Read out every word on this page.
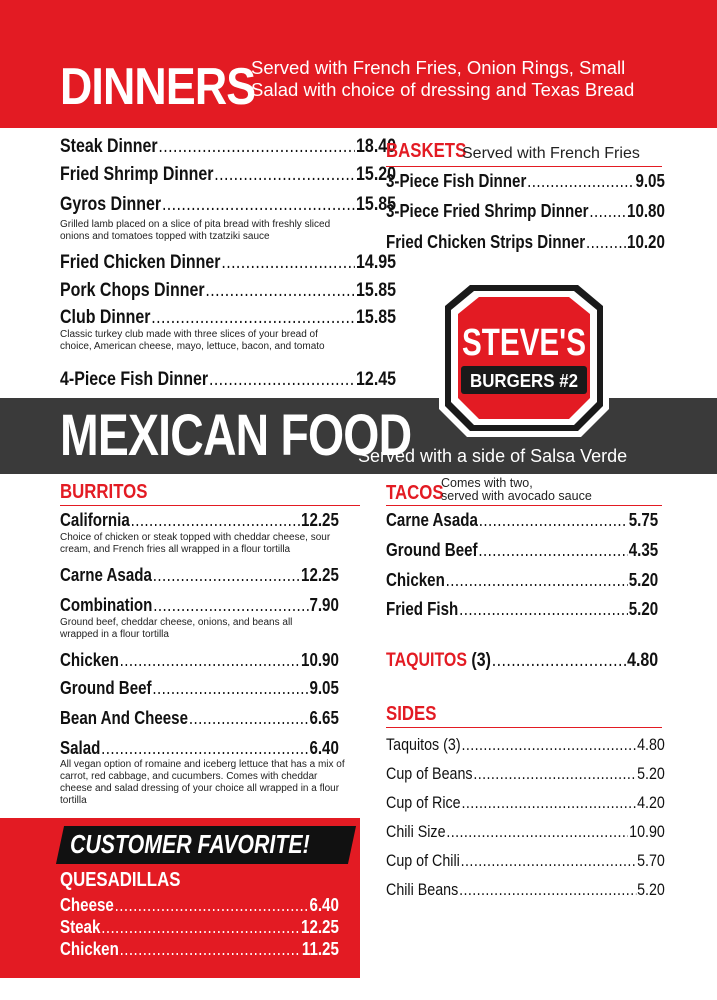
DINNERS
Served with French Fries, Onion Rings, Small Salad with choice of dressing and Texas Bread
Steak Dinner .....	18.40
Fried Shrimp Dinner .....	15.20
Gyros Dinner .....	15.85
Grilled lamb placed on a slice of pita bread with freshly sliced onions and tomatoes topped with tzatziki sauce
Fried Chicken Dinner .....	14.95
Pork Chops Dinner .....	15.85
Club Dinner .....	15.85
Classic turkey club made with three slices of your bread of choice, American cheese, mayo, lettuce, bacon, and tomato
4-Piece Fish Dinner .....	12.45
BASKETS
Served with French Fries
3-Piece Fish Dinner .....	9.05
3-Piece Fried Shrimp Dinner ..... 10.80
Fried Chicken Strips Dinner ..... 10.20
MEXICAN FOOD
Served with a side of Salsa Verde
STEVE'S
BURGERS #2
BURRITOS
California .....	12.25
Choice of chicken or steak topped with cheddar cheese, sour cream, and French fries all wrapped in a flour tortilla
Carne Asada .....	12.25
Combination .....	7.90
Ground beef, cheddar cheese, onions, and beans all wrapped in a flour tortilla
Chicken .....	10.90
Ground Beef .....	9.05
Bean And Cheese .....	6.65
Salad .....	6.40
All vegan option of romaine and iceberg lettuce that has a mix of carrot, red cabbage, and cucumbers. Comes with cheddar cheese and salad dressing of your choice all wrapped in a flour tortilla
TACOS
Comes with two,
served with avocado sauce
Carne Asada .....	5.75
Ground Beef .....	4.35
Chicken .....	5.20
Fried Fish .....	5.20
TAQUITOS
(3) .....	4.80
SIDES
Taquitos (3) .....	4.80
Cup of Beans .....	5.20
Cup of Rice .....	4.20
Chili Size .....	10.90
Cup of Chili .....	5.70
Chili Beans .....	5.20
CUSTOMER FAVORITE!
QUESADILLAS
Cheese .....	6.40
Steak .....	12.25
Chicken .....	11.25
